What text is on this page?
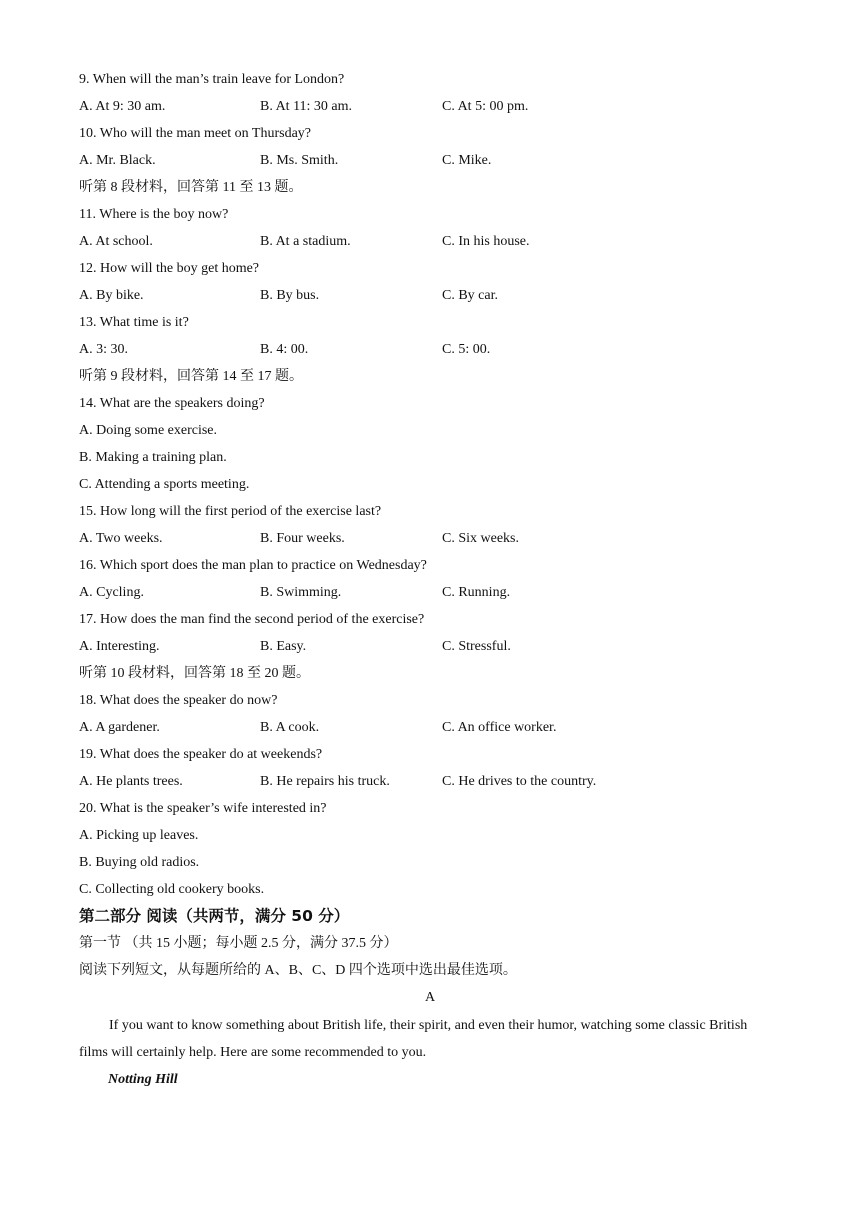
9. When will the man’s train leave for London?
A. At 9: 30 am.	B. At 11: 30 am.	C. At 5: 00 pm.
10. Who will the man meet on Thursday?
A. Mr. Black.	B. Ms. Smith.	C. Mike.
听第 8 段材料，回答第 11 至 13 题。
11. Where is the boy now?
A. At school.	B. At a stadium.	C. In his house.
12. How will the boy get home?
A. By bike.	B. By bus.	C. By car.
13. What time is it?
A. 3: 30.	B. 4: 00.	C. 5: 00.
听第 9 段材料，回答第 14 至 17 题。
14. What are the speakers doing?
A. Doing some exercise.
B. Making a training plan.
C. Attending a sports meeting.
15. How long will the first period of the exercise last?
A. Two weeks.	B. Four weeks.	C. Six weeks.
16. Which sport does the man plan to practice on Wednesday?
A. Cycling.	B. Swimming.	C. Running.
17. How does the man find the second period of the exercise?
A. Interesting.	B. Easy.	C. Stressful.
听第 10 段材料，回答第 18 至 20 题。
18. What does the speaker do now?
A. A gardener.	B. A cook.	C. An office worker.
19. What does the speaker do at weekends?
A. He plants trees.	B. He repairs his truck.	C. He drives to the country.
20. What is the speaker’s wife interested in?
A. Picking up leaves.
B. Buying old radios.
C. Collecting old cookery books.
第二部分 阅读（共两节，满分 50 分）
第一节 （共 15 小题；每小题 2.5 分，满分 37.5 分）
阅读下列短文，从每题所给的 A、B、C、D 四个选项中选出最佳选项。
A
If you want to know something about British life, their spirit, and even their humor, watching some classic British films will certainly help. Here are some recommended to you.
Notting Hill
